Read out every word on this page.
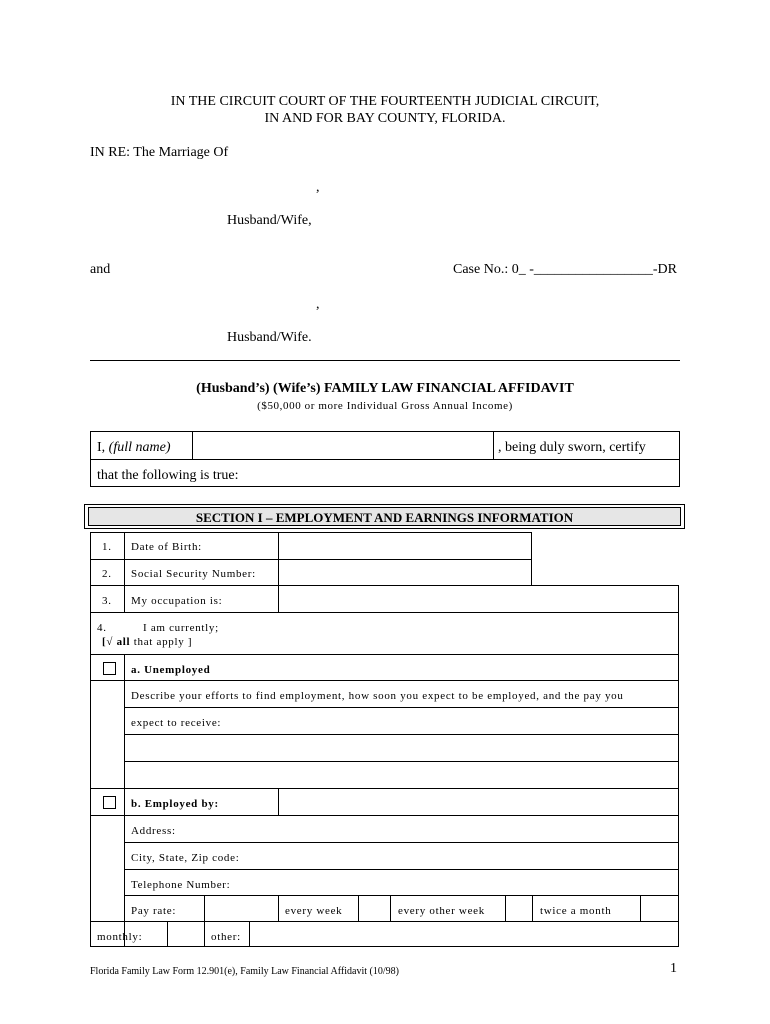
IN THE CIRCUIT COURT OF THE FOURTEENTH JUDICIAL CIRCUIT,
IN AND FOR BAY COUNTY, FLORIDA.
IN RE: The Marriage Of
,
Husband/Wife,
and	Case No.: 0_ -_________________-DR
,
Husband/Wife.
(Husband’s) (Wife’s) FAMILY LAW FINANCIAL AFFIDAVIT
($50,000 or more Individual Gross Annual Income)
I, (full name)	, being duly sworn, certify
that the following is true:
SECTION I – EMPLOYMENT AND EARNINGS INFORMATION
1. Date of Birth:
2. Social Security Number:
3. My occupation is:
4.	I am currently;
[√ all that apply ]
a. Unemployed
Describe your efforts to find employment, how soon you expect to be employed, and the pay you
expect to receive:
b. Employed by:
Address:
City, State, Zip code:
Telephone Number:
Pay rate:	every week	every other week	twice a month
monthly:	other:
Florida Family Law Form 12.901(e), Family Law Financial Affidavit (10/98)	1
